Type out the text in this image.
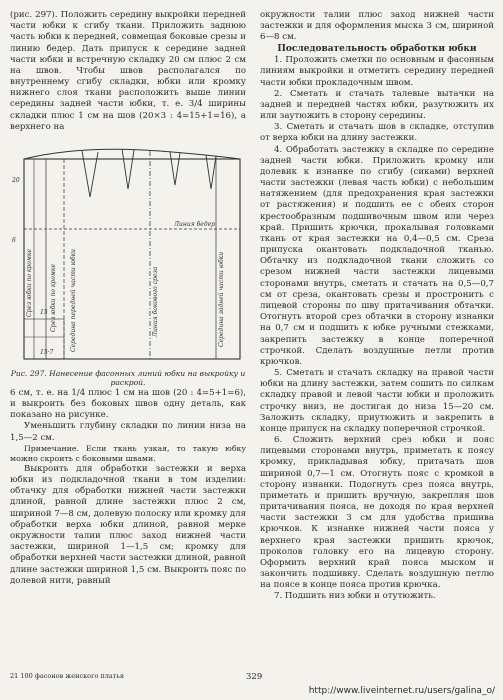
(рис. 297). Положить середину выкройки передней части юбки к сгибу ткани. Приложить заднюю часть юбки к передней, совмещая боковые срезы и линию бедер. Дать припуск к середине задней части юбки и встречную складку 20 см плюс 2 см на швов. Чтобы швов располагался по внутреннему сгибу складки, юбки или кромку нижнего слоя ткани расположить выше линии середины задней части юбки, т. е. 3/4 ширины складки плюс 1 см на шов (20×3 : 4=15+1=16), а верхнего на

Линия бедер
Срез юбки по кромке	Срез юбки по кромке Середина передней части юбки	Линия бокового среза	Середина задней части юбки
20
6
15
15·7

Рис. 297. Нанесение фасонных линий юбки на выкройку и раскрой.

6 см, т. е. на 1/4 плюс 1 см на шов (20 : 4=5+1=6), и выкроить без боковых швов одну деталь, как показано на рисунке.

Уменьшить глубину складки по линии низа на 1,5—2 см.

Примечание. Если ткань узкая, то такую юбку можно скроить с боковыми швами.

Выкроить для обработки застежки и верха юбки из подкладочной ткани в том изделии: обтачку для обработки нижней части застежки длиной, равной длине застежки плюс 2 см, шириной 7—8 см, долевую полоску или кромку для обработки верха юбки длиной, равной мерке окружности талии плюс заход нижней части застежки, шириной 1—1,5 см; кромку для обработки верхней части застежки длиной, равной длине застежки шириной 1,5 см. Выкроить пояс по долевой нити, равный

окружности талии плюс заход нижней части застежки и для оформления мыска 3 см, шириной 6—8 см.

Последовательность обработки юбки

1. Проложить сметки по основным и фасонным линиям выкройки и отметить середину передней части юбки прокладочным швом.

2. Сметать и стачать талевые вытачки на задней и передней частях юбки, разутюжить их или заутюжить в сторону середины.

3. Сметать и стачать шов в складке, отступив от верха юбки на длину застежки.

4. Обработать застежку в складке по середине задней части юбки. Приложить кромку или долевик к изнанке по сгибу (сиками) верхней части застежки (левая часть юбки) с небольшим натяжением (для предохранения края застежки от растяжения) и подшить ее с обеих сторон крестообразным подшивочным швом или через край. Пришить крючки, прокалывая головками ткань от края застежки на 0,4—0,5 см. Среза припуска окантовать подкладочной тканью. Обтачку из подкладочной ткани сложить со срезом нижней части застежки лицевыми сторонами внутрь, сметать и стачать на 0,5—0,7 см от среза, окантовать срезы и простронить с лицевой стороны по шву притачивания обтачки. Отогнуть второй срез обтачки в сторону изнанки на 0,7 см и подшить к юбке ручными стежками, закрепить застежку в конце поперечной строчкой. Сделать воздушные петли против крючков.

5. Сметать и стачать складку на правой части юбки на длину застежки, затем сошить по силкам складку правой и левой части юбки и проложить строчку вниз, не достигая до низа 15—20 см. Заложить складку, приутюжить и закрепить в конце припуск на складку поперечной строчкой.

6. Сложить верхний срез юбки и пояс лицевыми сторонами внутрь, приметать к поясу кромку, прикладывая юбку, притачать шов шириной 0,7—1 см. Отогнуть пояс с кромкой в сторону изнанки. Подогнуть срез пояса внутрь, приметать и пришить вручную, закрепляя шов притачивания пояса, не доходя по края верхней части застежки 3 см для удобства пришива крючков. К изнанке нижней части пояса у верхнего края застежки пришить крючок, проколов головку его на лицевую сторону. Оформить верхний край пояса мыском и закончить подшивку. Сделать воздушную петлю на поясе в конце пояса против крючка.

7. Подшить низ юбки и отутюжить.

21 100 фасонов женского платья	329
http://www.liveinternet.ru/users/galina_o/
